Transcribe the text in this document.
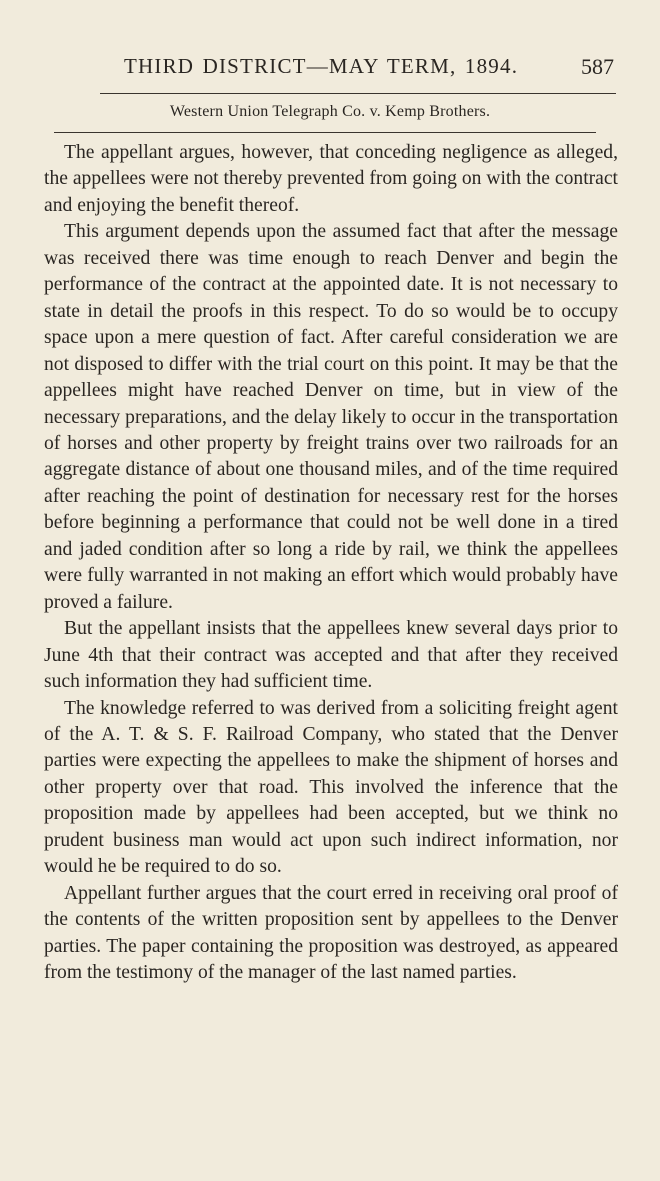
THIRD DISTRICT—MAY TERM, 1894.	587
Western Union Telegraph Co. v. Kemp Brothers.

The appellant argues, however, that conceding negligence as alleged, the appellees were not thereby prevented from going on with the contract and enjoying the benefit thereof.

This argument depends upon the assumed fact that after the message was received there was time enough to reach Denver and begin the performance of the contract at the appointed date. It is not necessary to state in detail the proofs in this respect. To do so would be to occupy space upon a mere question of fact. After careful consideration we are not disposed to differ with the trial court on this point. It may be that the appellees might have reached Denver on time, but in view of the necessary preparations, and the delay likely to occur in the transportation of horses and other property by freight trains over two railroads for an aggregate distance of about one thousand miles, and of the time required after reaching the point of destination for necessary rest for the horses before beginning a performance that could not be well done in a tired and jaded condition after so long a ride by rail, we think the appellees were fully warranted in not making an effort which would probably have proved a failure.

But the appellant insists that the appellees knew several days prior to June 4th that their contract was accepted and that after they received such information they had sufficient time.

The knowledge referred to was derived from a soliciting freight agent of the A. T. & S. F. Railroad Company, who stated that the Denver parties were expecting the appellees to make the shipment of horses and other property over that road. This involved the inference that the proposition made by appellees had been accepted, but we think no prudent business man would act upon such indirect information, nor would he be required to do so.

Appellant further argues that the court erred in receiving oral proof of the contents of the written proposition sent by appellees to the Denver parties. The paper containing the proposition was destroyed, as appeared from the testimony of the manager of the last named parties.
